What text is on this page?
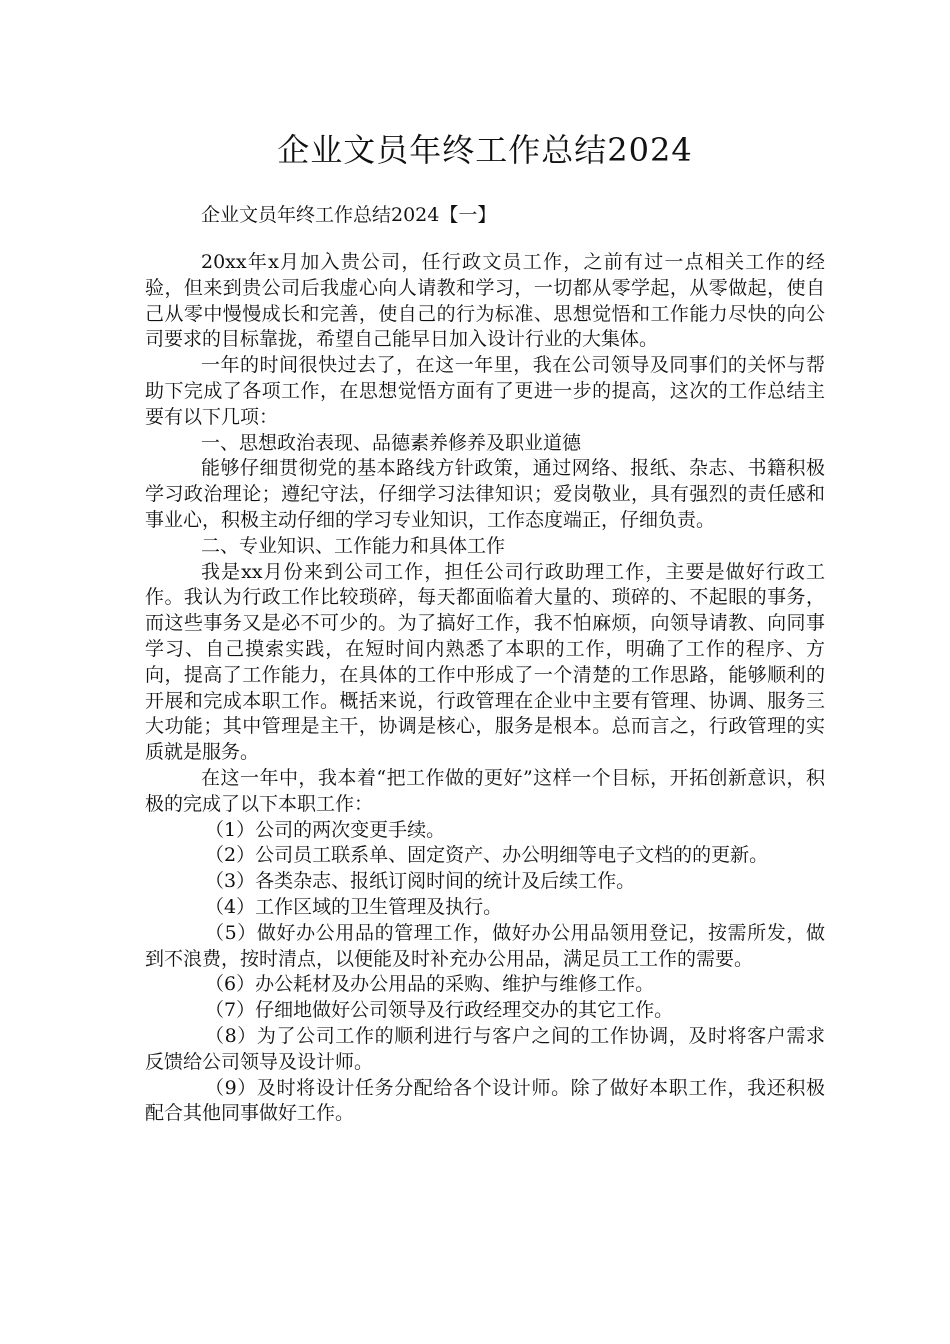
企业文员年终工作总结2024

企业文员年终工作总结2024【一】

20xx年x月加入贵公司，任行政文员工作，之前有过一点相关工作的经验，但来到贵公司后我虚心向人请教和学习，一切都从零学起，从零做起，使自己从零中慢慢成长和完善，使自己的行为标准、思想觉悟和工作能力尽快的向公司要求的目标靠拢，希望自己能早日加入设计行业的大集体。

一年的时间很快过去了，在这一年里，我在公司领导及同事们的关怀与帮助下完成了各项工作，在思想觉悟方面有了更进一步的提高，这次的工作总结主要有以下几项：

一、思想政治表现、品德素养修养及职业道德

能够仔细贯彻党的基本路线方针政策，通过网络、报纸、杂志、书籍积极学习政治理论；遵纪守法，仔细学习法律知识；爱岗敬业，具有强烈的责任感和事业心，积极主动仔细的学习专业知识，工作态度端正，仔细负责。

二、专业知识、工作能力和具体工作

我是xx月份来到公司工作，担任公司行政助理工作，主要是做好行政工作。我认为行政工作比较琐碎，每天都面临着大量的、琐碎的、不起眼的事务，而这些事务又是必不可少的。为了搞好工作，我不怕麻烦，向领导请教、向同事学习、自己摸索实践，在短时间内熟悉了本职的工作，明确了工作的程序、方向，提高了工作能力，在具体的工作中形成了一个清楚的工作思路，能够顺利的开展和完成本职工作。概括来说，行政管理在企业中主要有管理、协调、服务三大功能；其中管理是主干，协调是核心，服务是根本。总而言之，行政管理的实质就是服务。

在这一年中，我本着“把工作做的更好”这样一个目标，开拓创新意识，积极的完成了以下本职工作：

（1）公司的两次变更手续。

（2）公司员工联系单、固定资产、办公明细等电子文档的的更新。

（3）各类杂志、报纸订阅时间的统计及后续工作。

（4）工作区域的卫生管理及执行。

（5）做好办公用品的管理工作，做好办公用品领用登记，按需所发，做到不浪费，按时清点，以便能及时补充办公用品，满足员工工作的需要。

（6）办公耗材及办公用品的采购、维护与维修工作。

（7）仔细地做好公司领导及行政经理交办的其它工作。

（8）为了公司工作的顺利进行与客户之间的工作协调，及时将客户需求反馈给公司领导及设计师。

（9）及时将设计任务分配给各个设计师。除了做好本职工作，我还积极配合其他同事做好工作。
